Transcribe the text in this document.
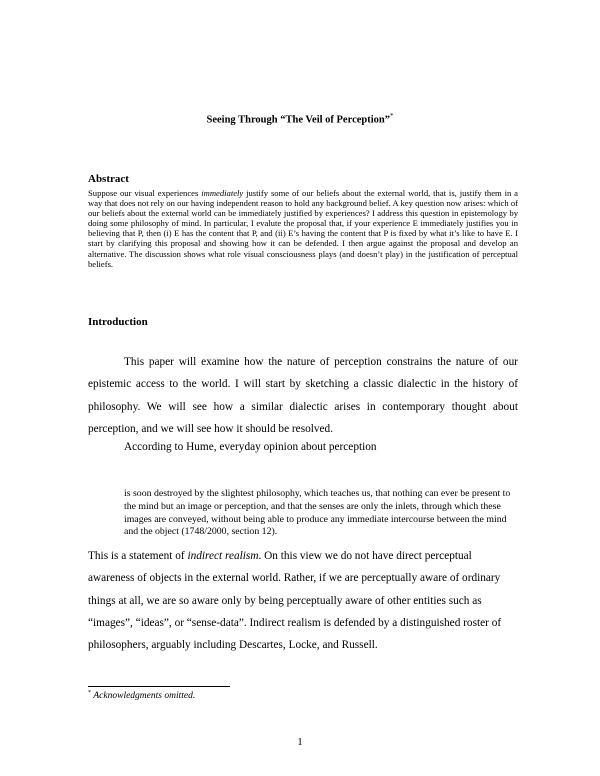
Seeing Through “The Veil of Perception”*
Abstract
Suppose our visual experiences immediately justify some of our beliefs about the external world, that is, justify them in a way that does not rely on our having independent reason to hold any background belief. A key question now arises: which of our beliefs about the external world can be immediately justified by experiences? I address this question in epistemology by doing some philosophy of mind. In particular, I evalute the proposal that, if your experience E immediately justifies you in believing that P, then (i) E has the content that P, and (ii) E’s having the content that P is fixed by what it’s like to have E. I start by clarifying this proposal and showing how it can be defended. I then argue against the proposal and develop an alternative. The discussion shows what role visual consciousness plays (and doesn’t play) in the justification of perceptual beliefs.
Introduction
This paper will examine how the nature of perception constrains the nature of our epistemic access to the world. I will start by sketching a classic dialectic in the history of philosophy. We will see how a similar dialectic arises in contemporary thought about perception, and we will see how it should be resolved.
According to Hume, everyday opinion about perception
is soon destroyed by the slightest philosophy, which teaches us, that nothing can ever be present to the mind but an image or perception, and that the senses are only the inlets, through which these images are conveyed, without being able to produce any immediate intercourse between the mind and the object (1748/2000, section 12).
This is a statement of indirect realism. On this view we do not have direct perceptual awareness of objects in the external world. Rather, if we are perceptually aware of ordinary things at all, we are so aware only by being perceptually aware of other entities such as “images”, “ideas”, or “sense-data”. Indirect realism is defended by a distinguished roster of philosophers, arguably including Descartes, Locke, and Russell.
* Acknowledgments omitted.
1
